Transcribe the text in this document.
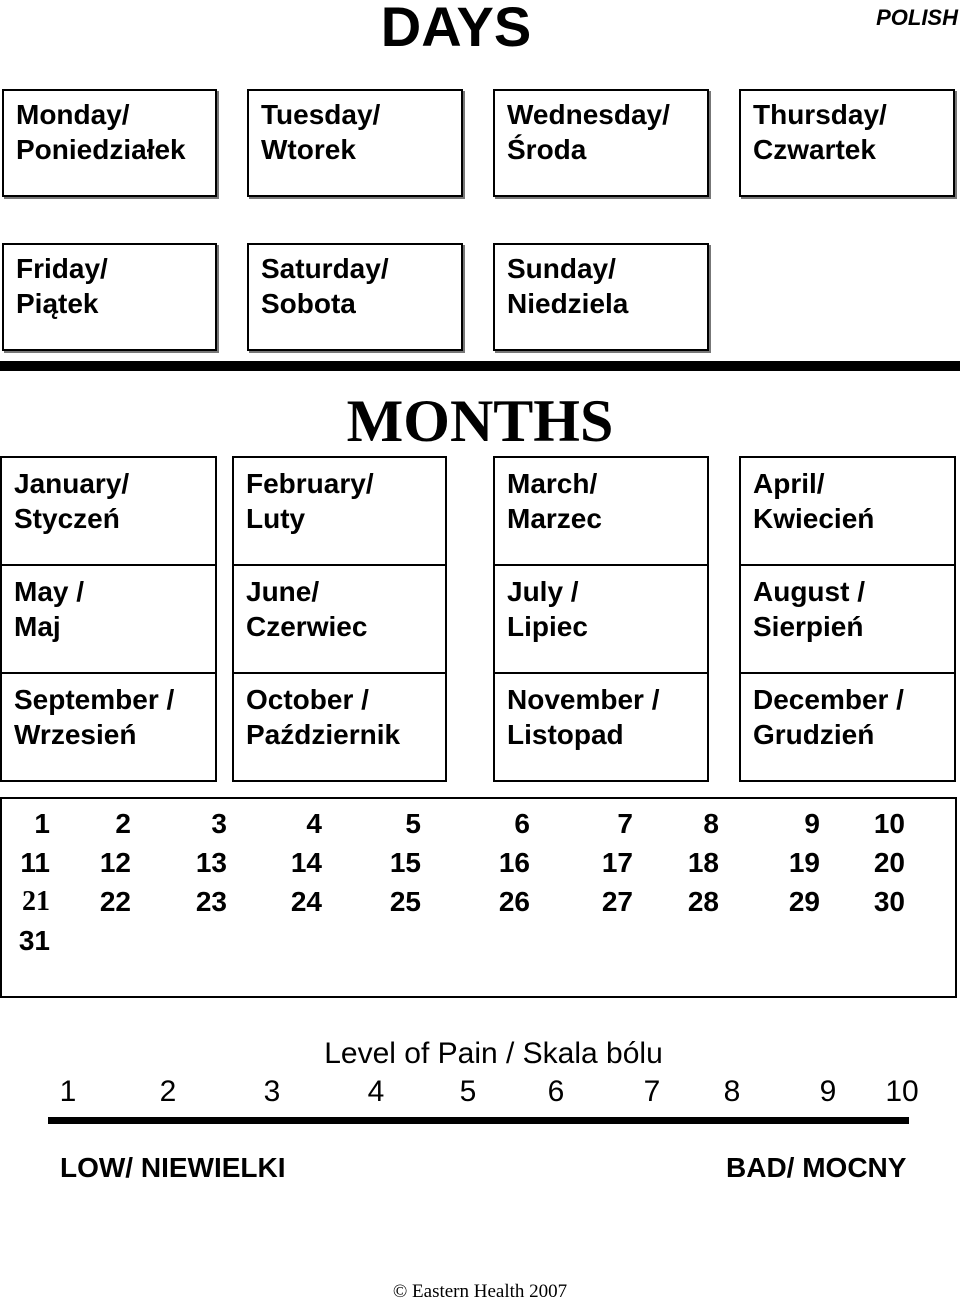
DAYS	POLISH
Monday/
Poniedziałek
Tuesday/
Wtorek
Wednesday/
Środa
Thursday/
Czwartek
Friday/
Piątek
Saturday/
Sobota
Sunday/
Niedziela
MONTHS
January/
Styczeń
February/
Luty
March/
Marzec
April/
Kwiecień
May /
Maj
June/
Czerwiec
July /
Lipiec
August /
Sierpień
September /
Wrzesień
October /
Październik
November /
Listopad
December /
Grudzień
1	2	3	4	5	6	7	8	9	10
11	12	13	14	15	16	17	18	19	20
21	22	23	24	25	26	27	28	29	30
31
Level of Pain / Skala bólu
1	2	3	4	5	6	7	8	9	10
LOW/ NIEWIELKI	BAD/ MOCNY
© Eastern Health 2007
